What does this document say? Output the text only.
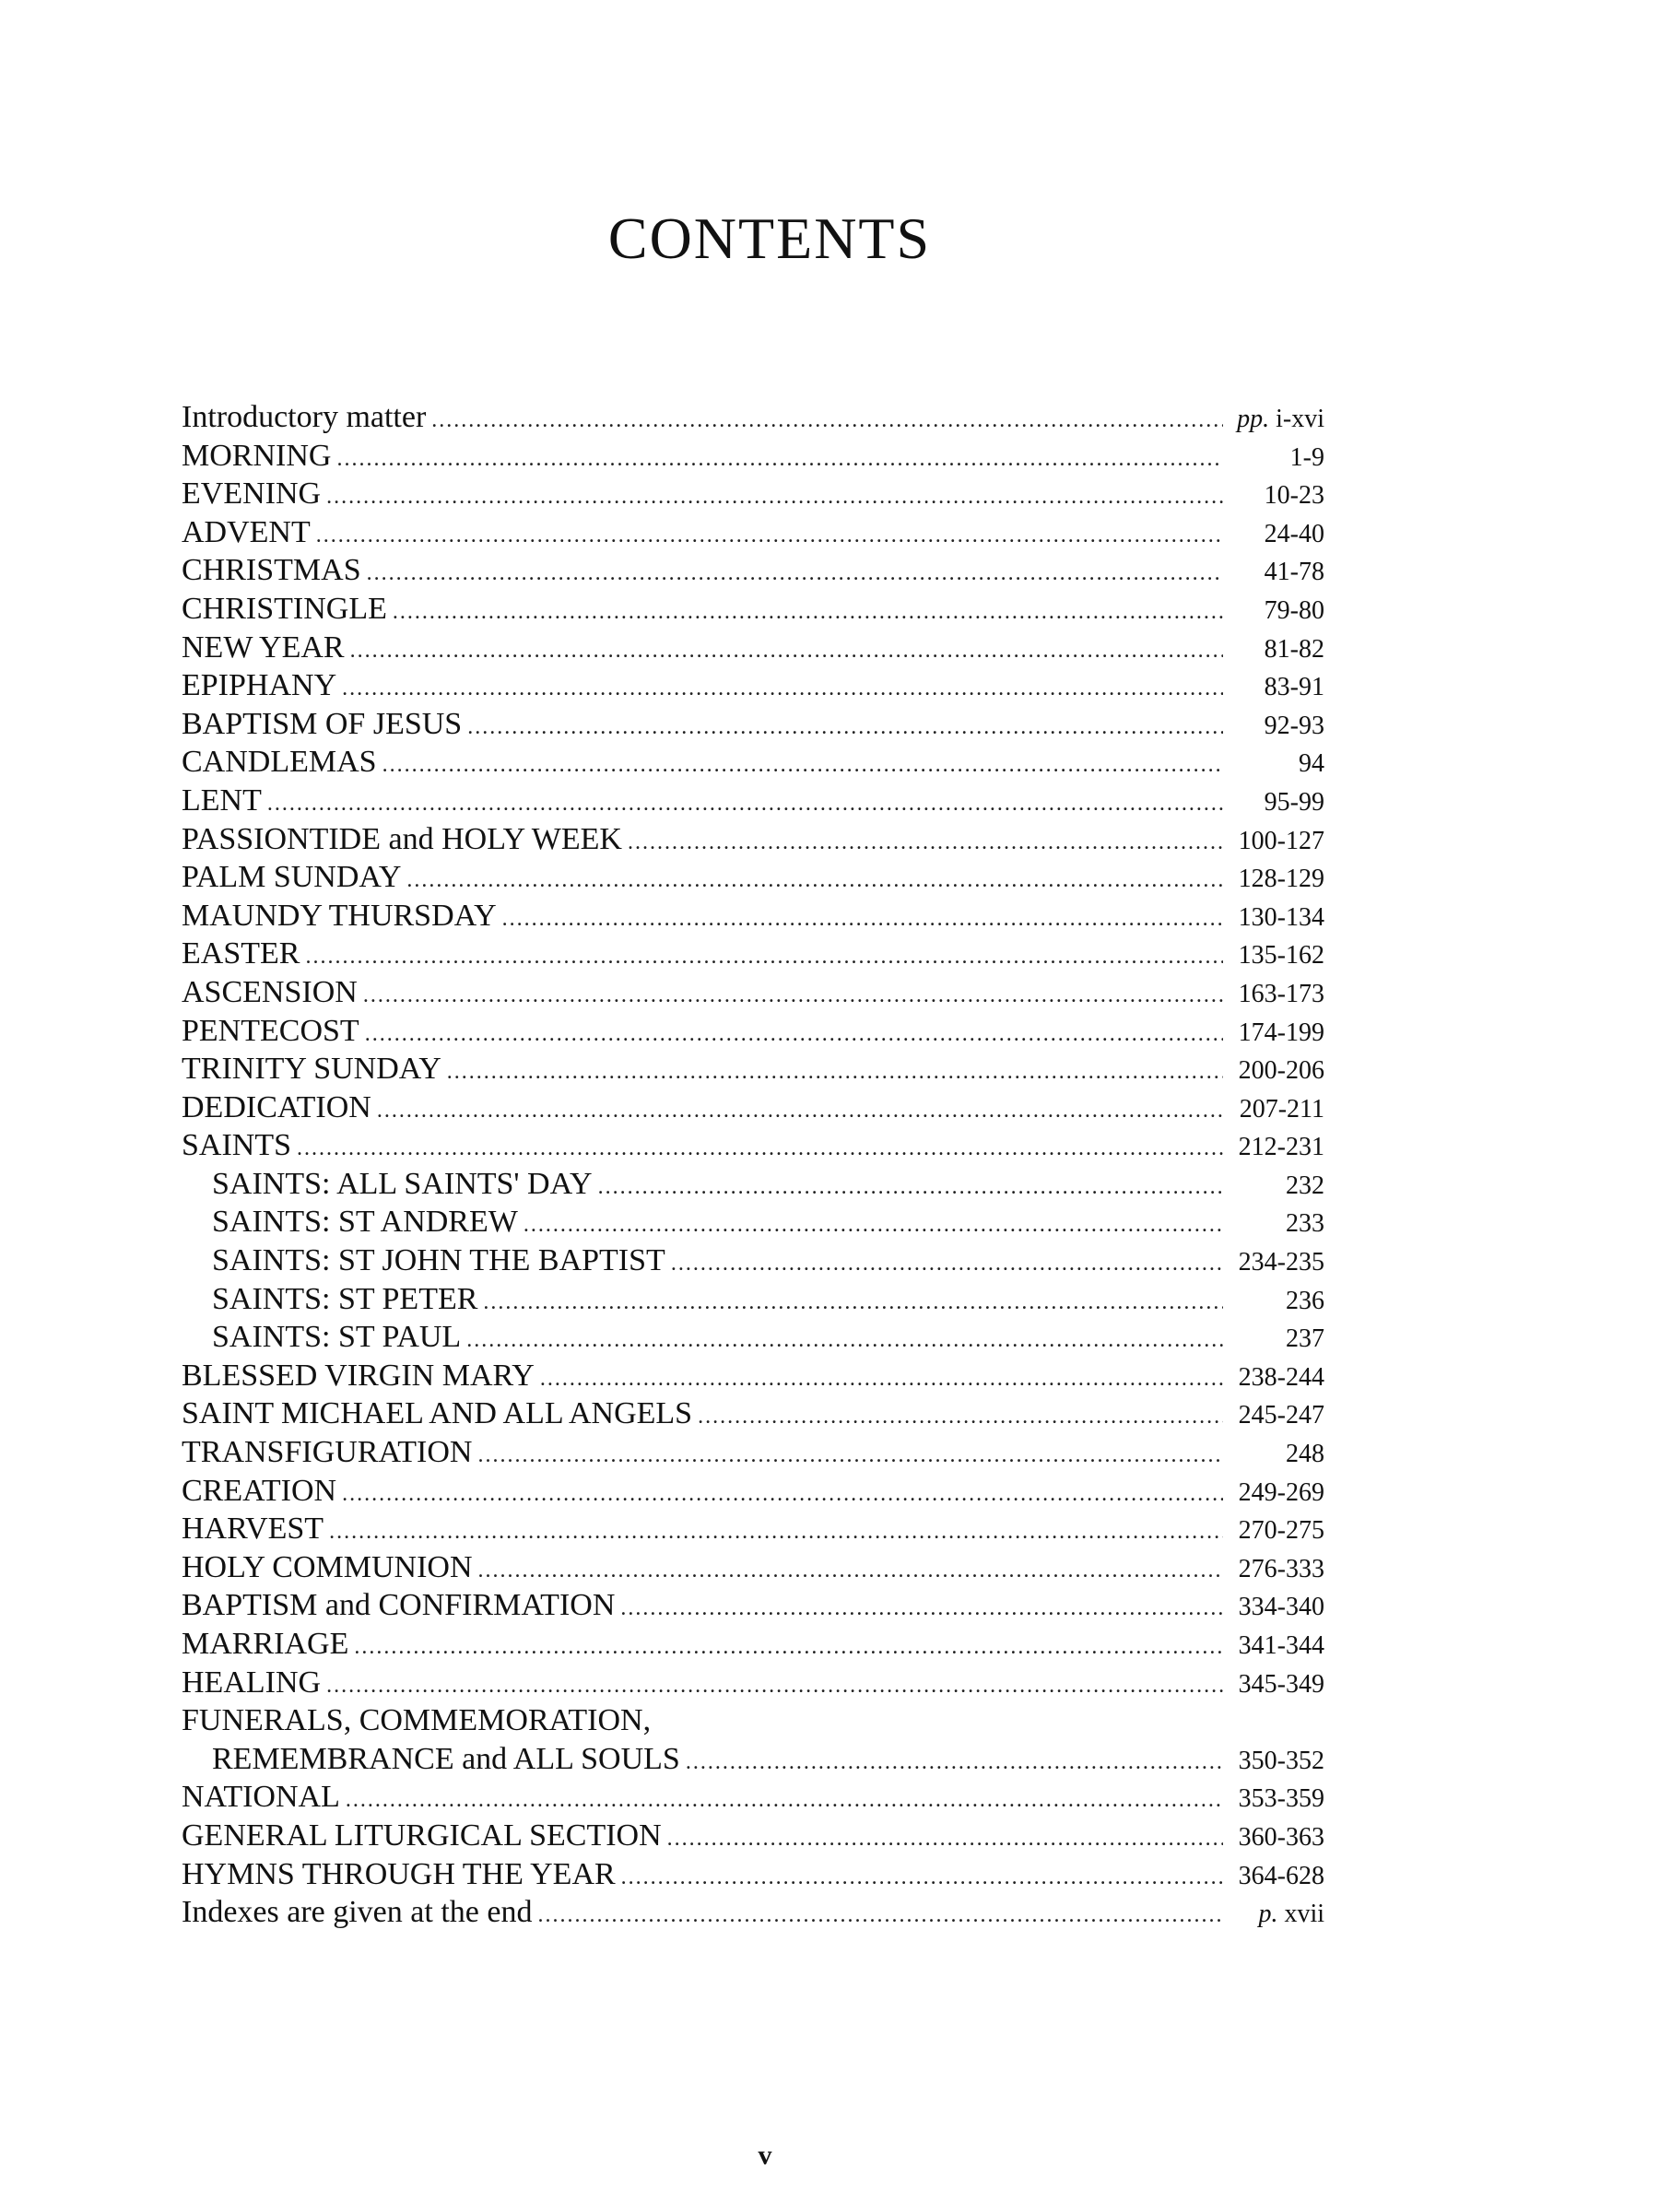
CONTENTS
Introductory matter .....	pp. i-xvi
MORNING .....	1-9
EVENING .....	10-23
ADVENT .....	24-40
CHRISTMAS .....	41-78
CHRISTINGLE .....	79-80
NEW YEAR .....	81-82
EPIPHANY .....	83-91
BAPTISM OF JESUS .....	92-93
CANDLEMAS .....	94
LENT .....	95-99
PASSIONTIDE and HOLY WEEK .....	100-127
PALM SUNDAY .....	128-129
MAUNDY THURSDAY .....	130-134
EASTER .....	135-162
ASCENSION .....	163-173
PENTECOST .....	174-199
TRINITY SUNDAY .....	200-206
DEDICATION .....	207-211
SAINTS .....	212-231
SAINTS: ALL SAINTS' DAY .....	232
SAINTS: ST ANDREW .....	233
SAINTS: ST JOHN THE BAPTIST .....	234-235
SAINTS: ST PETER .....	236
SAINTS: ST PAUL .....	237
BLESSED VIRGIN MARY .....	238-244
SAINT MICHAEL AND ALL ANGELS .....	245-247
TRANSFIGURATION .....	248
CREATION .....	249-269
HARVEST .....	270-275
HOLY COMMUNION .....	276-333
BAPTISM and CONFIRMATION .....	334-340
MARRIAGE .....	341-344
HEALING .....	345-349
FUNERALS, COMMEMORATION,
REMEMBRANCE and ALL SOULS .....	350-352
NATIONAL .....	353-359
GENERAL LITURGICAL SECTION .....	360-363
HYMNS THROUGH THE YEAR .....	364-628
Indexes are given at the end .....	p. xvii

v
